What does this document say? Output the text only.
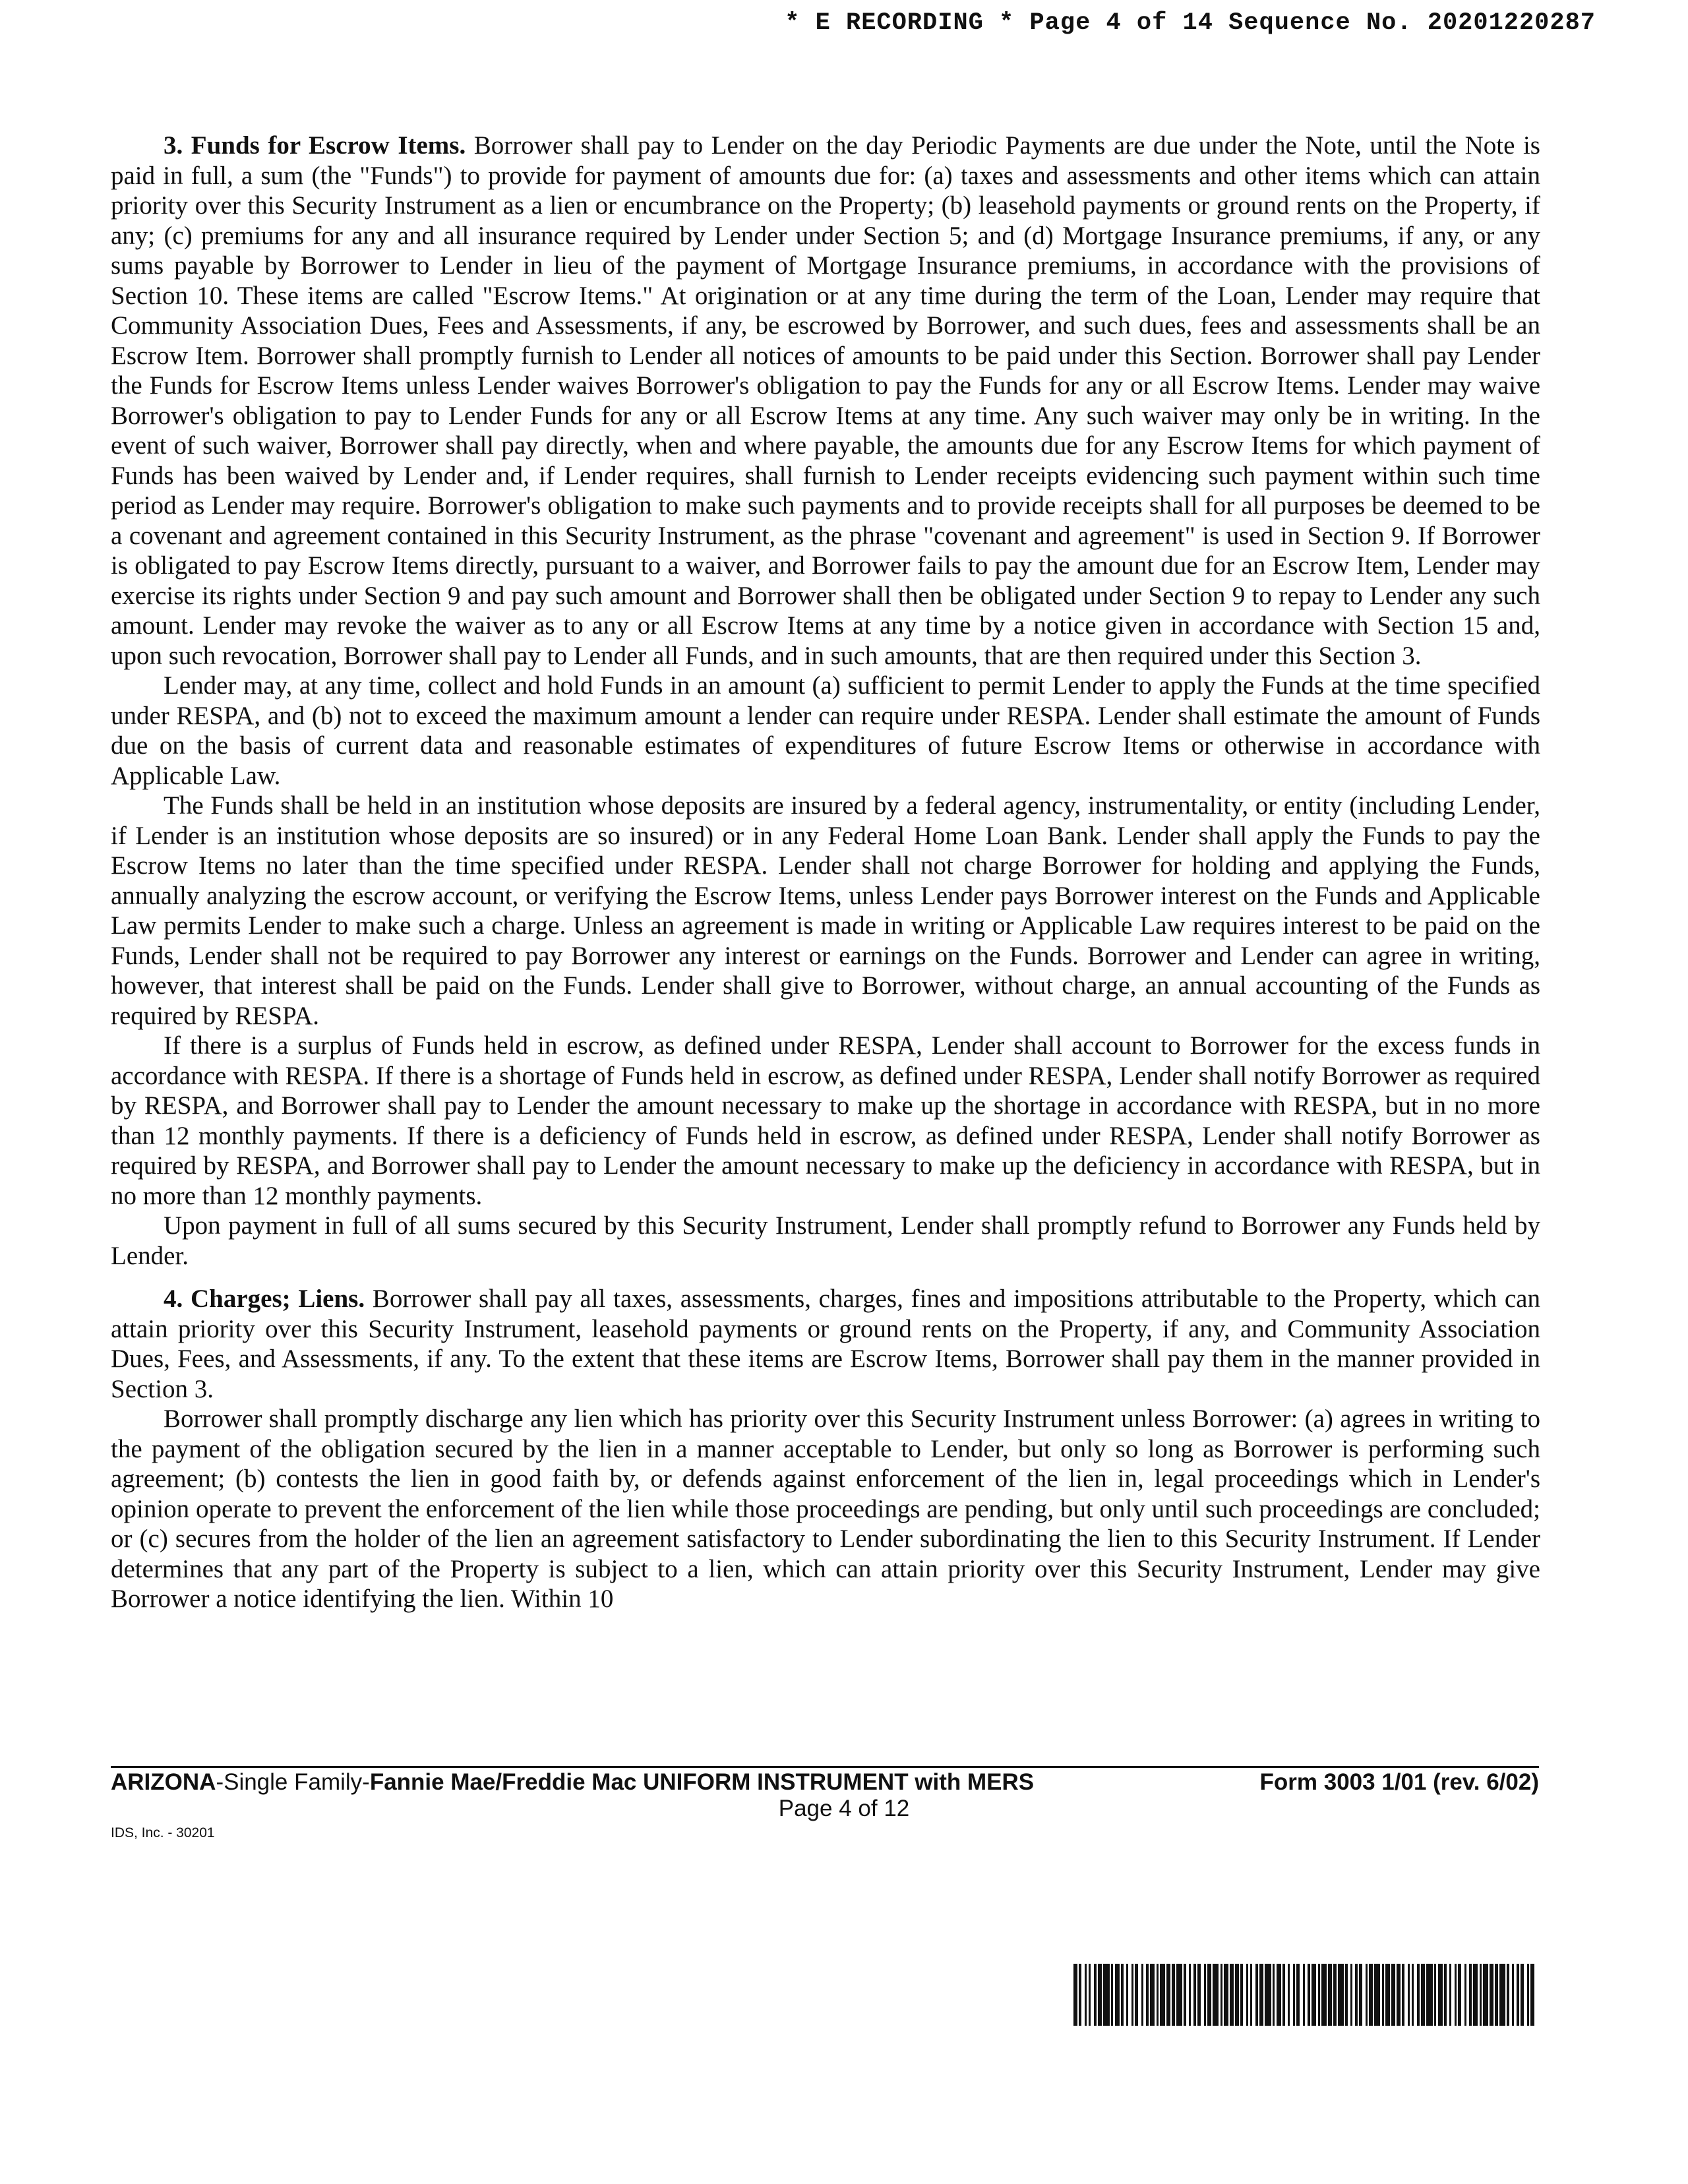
* E RECORDING * Page 4 of 14 Sequence No. 20201220287

3. Funds for Escrow Items. Borrower shall pay to Lender on the day Periodic Payments are due under the Note, until the Note is paid in full, a sum (the "Funds") to provide for payment of amounts due for: (a) taxes and assessments and other items which can attain priority over this Security Instrument as a lien or encumbrance on the Property; (b) leasehold payments or ground rents on the Property, if any; (c) premiums for any and all insurance required by Lender under Section 5; and (d) Mortgage Insurance premiums, if any, or any sums payable by Borrower to Lender in lieu of the payment of Mortgage Insurance premiums, in accordance with the provisions of Section 10. These items are called "Escrow Items." At origination or at any time during the term of the Loan, Lender may require that Community Association Dues, Fees and Assessments, if any, be escrowed by Borrower, and such dues, fees and assessments shall be an Escrow Item. Borrower shall promptly furnish to Lender all notices of amounts to be paid under this Section. Borrower shall pay Lender the Funds for Escrow Items unless Lender waives Borrower's obligation to pay the Funds for any or all Escrow Items. Lender may waive Borrower's obligation to pay to Lender Funds for any or all Escrow Items at any time. Any such waiver may only be in writing. In the event of such waiver, Borrower shall pay directly, when and where payable, the amounts due for any Escrow Items for which payment of Funds has been waived by Lender and, if Lender requires, shall furnish to Lender receipts evidencing such payment within such time period as Lender may require. Borrower's obligation to make such payments and to provide receipts shall for all purposes be deemed to be a covenant and agreement contained in this Security Instrument, as the phrase "covenant and agreement" is used in Section 9. If Borrower is obligated to pay Escrow Items directly, pursuant to a waiver, and Borrower fails to pay the amount due for an Escrow Item, Lender may exercise its rights under Section 9 and pay such amount and Borrower shall then be obligated under Section 9 to repay to Lender any such amount. Lender may revoke the waiver as to any or all Escrow Items at any time by a notice given in accordance with Section 15 and, upon such revocation, Borrower shall pay to Lender all Funds, and in such amounts, that are then required under this Section 3.

Lender may, at any time, collect and hold Funds in an amount (a) sufficient to permit Lender to apply the Funds at the time specified under RESPA, and (b) not to exceed the maximum amount a lender can require under RESPA. Lender shall estimate the amount of Funds due on the basis of current data and reasonable estimates of expenditures of future Escrow Items or otherwise in accordance with Applicable Law.

The Funds shall be held in an institution whose deposits are insured by a federal agency, instrumentality, or entity (including Lender, if Lender is an institution whose deposits are so insured) or in any Federal Home Loan Bank. Lender shall apply the Funds to pay the Escrow Items no later than the time specified under RESPA. Lender shall not charge Borrower for holding and applying the Funds, annually analyzing the escrow account, or verifying the Escrow Items, unless Lender pays Borrower interest on the Funds and Applicable Law permits Lender to make such a charge. Unless an agreement is made in writing or Applicable Law requires interest to be paid on the Funds, Lender shall not be required to pay Borrower any interest or earnings on the Funds. Borrower and Lender can agree in writing, however, that interest shall be paid on the Funds. Lender shall give to Borrower, without charge, an annual accounting of the Funds as required by RESPA.

If there is a surplus of Funds held in escrow, as defined under RESPA, Lender shall account to Borrower for the excess funds in accordance with RESPA. If there is a shortage of Funds held in escrow, as defined under RESPA, Lender shall notify Borrower as required by RESPA, and Borrower shall pay to Lender the amount necessary to make up the shortage in accordance with RESPA, but in no more than 12 monthly payments. If there is a deficiency of Funds held in escrow, as defined under RESPA, Lender shall notify Borrower as required by RESPA, and Borrower shall pay to Lender the amount necessary to make up the deficiency in accordance with RESPA, but in no more than 12 monthly payments.

Upon payment in full of all sums secured by this Security Instrument, Lender shall promptly refund to Borrower any Funds held by Lender.

4. Charges; Liens. Borrower shall pay all taxes, assessments, charges, fines and impositions attributable to the Property, which can attain priority over this Security Instrument, leasehold payments or ground rents on the Property, if any, and Community Association Dues, Fees, and Assessments, if any. To the extent that these items are Escrow Items, Borrower shall pay them in the manner provided in Section 3.

Borrower shall promptly discharge any lien which has priority over this Security Instrument unless Borrower: (a) agrees in writing to the payment of the obligation secured by the lien in a manner acceptable to Lender, but only so long as Borrower is performing such agreement; (b) contests the lien in good faith by, or defends against enforcement of the lien in, legal proceedings which in Lender's opinion operate to prevent the enforcement of the lien while those proceedings are pending, but only until such proceedings are concluded; or (c) secures from the holder of the lien an agreement satisfactory to Lender subordinating the lien to this Security Instrument. If Lender determines that any part of the Property is subject to a lien, which can attain priority over this Security Instrument, Lender may give Borrower a notice identifying the lien. Within 10

ARIZONA-Single Family-Fannie Mae/Freddie Mac UNIFORM INSTRUMENT with MERS	Form 3003 1/01 (rev. 6/02)
Page 4 of 12
IDS, Inc. - 30201
